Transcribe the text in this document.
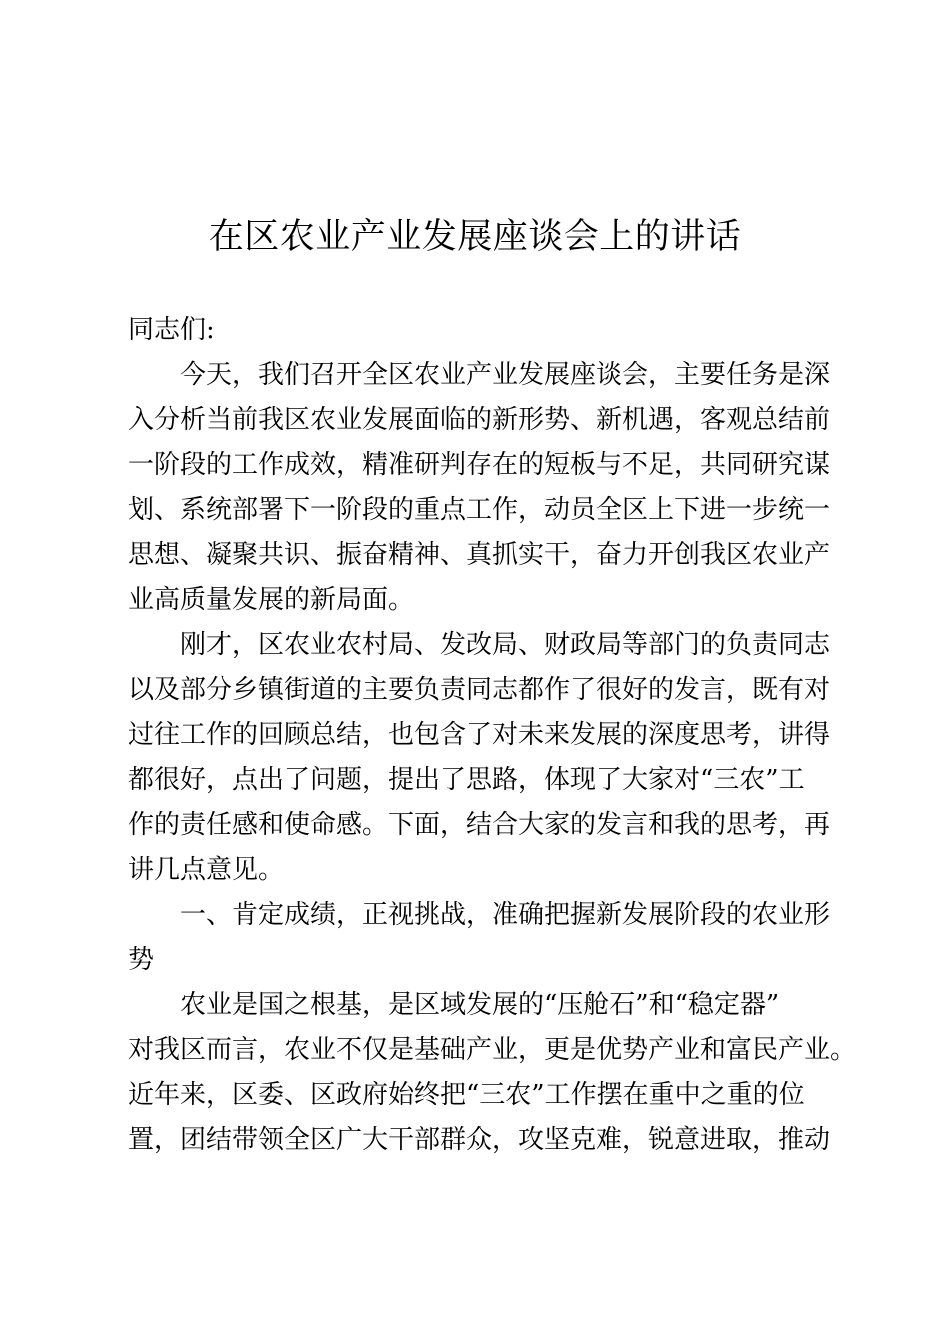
在区农业产业发展座谈会上的讲话
同志们:
今天，我们召开全区农业产业发展座谈会，主要任务是深
入分析当前我区农业发展面临的新形势、新机遇，客观总结前
一阶段的工作成效，精准研判存在的短板与不足，共同研究谋
划、系统部署下一阶段的重点工作，动员全区上下进一步统一
思想、凝聚共识、振奋精神、真抓实干，奋力开创我区农业产
业高质量发展的新局面。
刚才，区农业农村局、发改局、财政局等部门的负责同志
以及部分乡镇街道的主要负责同志都作了很好的发言，既有对
过往工作的回顾总结，也包含了对未来发展的深度思考，讲得
都很好，点出了问题，提出了思路，体现了大家对“三农”工
作的责任感和使命感。下面，结合大家的发言和我的思考，再
讲几点意见。
一、肯定成绩，正视挑战，准确把握新发展阶段的农业形
势
农业是国之根基，是区域发展的“压舱石”和“稳定器”
对我区而言，农业不仅是基础产业，更是优势产业和富民产业。
近年来，区委、区政府始终把“三农”工作摆在重中之重的位
置，团结带领全区广大干部群众，攻坚克难，锐意进取，推动
